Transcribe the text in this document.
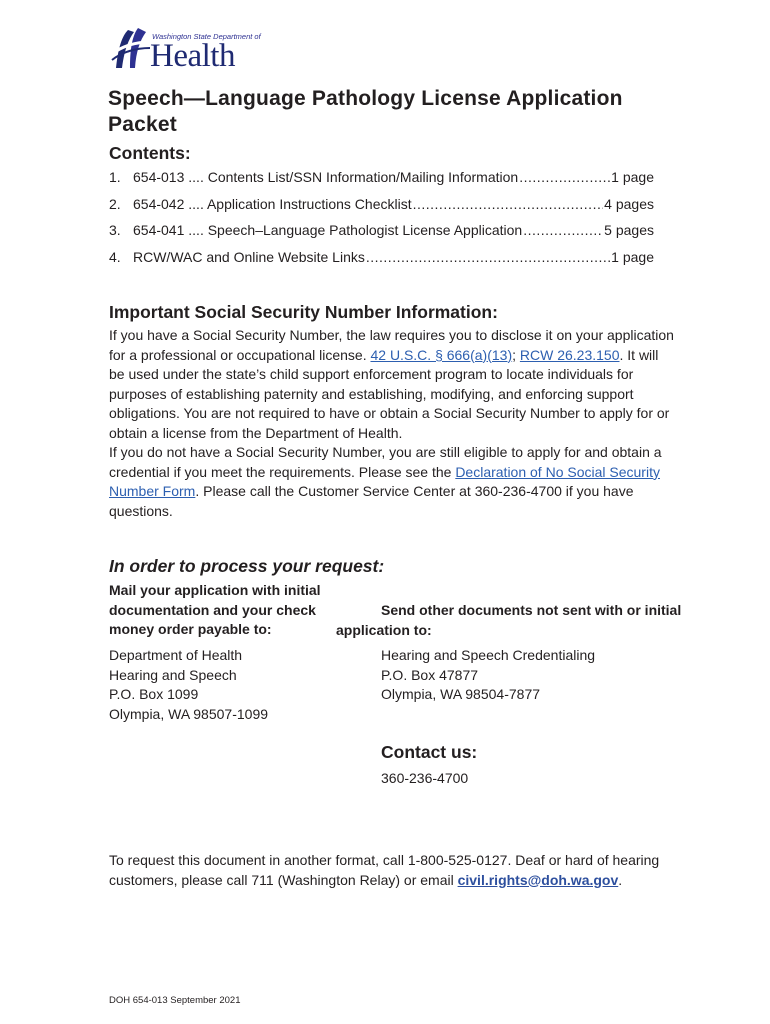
Washington State Department of
Health
Speech—Language Pathology License Application Packet
Contents:
1. 654-013 .... Contents List/SSN Information/Mailing Information .....	1 page
2. 654-042 .... Application Instructions Checklist .....	4 pages
3. 654-041 .... Speech–Language Pathologist License Application .....	5 pages
4. RCW/WAC and Online Website Links .....	1 page
Important Social Security Number Information:
If you have a Social Security Number, the law requires you to disclose it on your application for a professional or occupational license. 42 U.S.C. § 666(a)(13); RCW 26.23.150. It will be used under the state’s child support enforcement program to locate individuals for purposes of establishing paternity and establishing, modifying, and enforcing support obligations. You are not required to have or obtain a Social Security Number to apply for or obtain a license from the Department of Health.
If you do not have a Social Security Number, you are still eligible to apply for and obtain a credential if you meet the requirements. Please see the Declaration of No Social Security Number Form. Please call the Customer Service Center at 360-236-4700 if you have questions.
In order to process your request:
Mail your application with initial documentation and your check money order payable to:
Send other documents not sent with or initial application to:
Department of Health
Hearing and Speech
P.O. Box 1099
Olympia, WA 98507-1099
Hearing and Speech Credentialing
P.O. Box 47877
Olympia, WA 98504-7877
Contact us:
360-236-4700
To request this document in another format, call 1-800-525-0127. Deaf or hard of hearing customers, please call 711 (Washington Relay) or email civil.rights@doh.wa.gov.
DOH 654-013 September 2021
